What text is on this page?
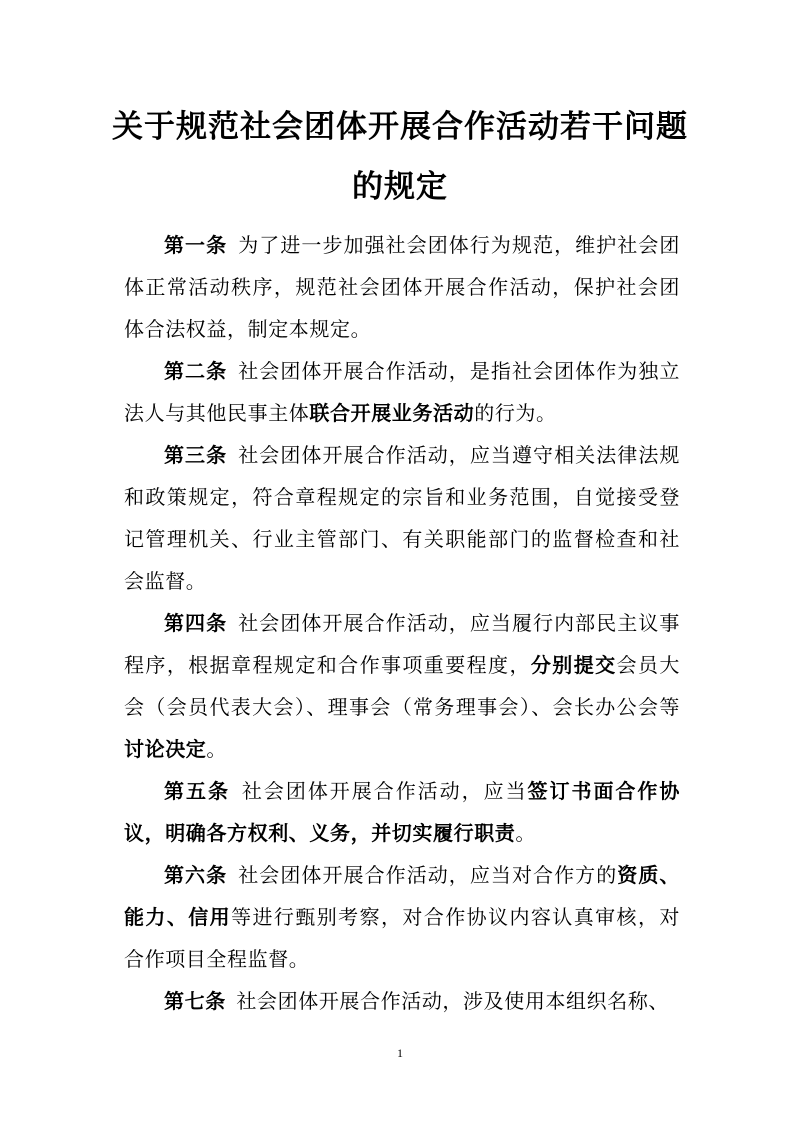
关于规范社会团体开展合作活动若干问题
的规定

第一条  为了进一步加强社会团体行为规范，维护社会团体正常活动秩序，规范社会团体开展合作活动，保护社会团体合法权益，制定本规定。

第二条  社会团体开展合作活动，是指社会团体作为独立法人与其他民事主体联合开展业务活动的行为。

第三条  社会团体开展合作活动，应当遵守相关法律法规和政策规定，符合章程规定的宗旨和业务范围，自觉接受登记管理机关、行业主管部门、有关职能部门的监督检查和社会监督。

第四条  社会团体开展合作活动，应当履行内部民主议事程序，根据章程规定和合作事项重要程度，分别提交会员大会（会员代表大会）、理事会（常务理事会）、会长办公会等讨论决定。

第五条  社会团体开展合作活动，应当签订书面合作协议，明确各方权利、义务，并切实履行职责。

第六条  社会团体开展合作活动，应当对合作方的资质、能力、信用等进行甄别考察，对合作协议内容认真审核，对合作项目全程监督。

第七条  社会团体开展合作活动，涉及使用本组织名称、

1
